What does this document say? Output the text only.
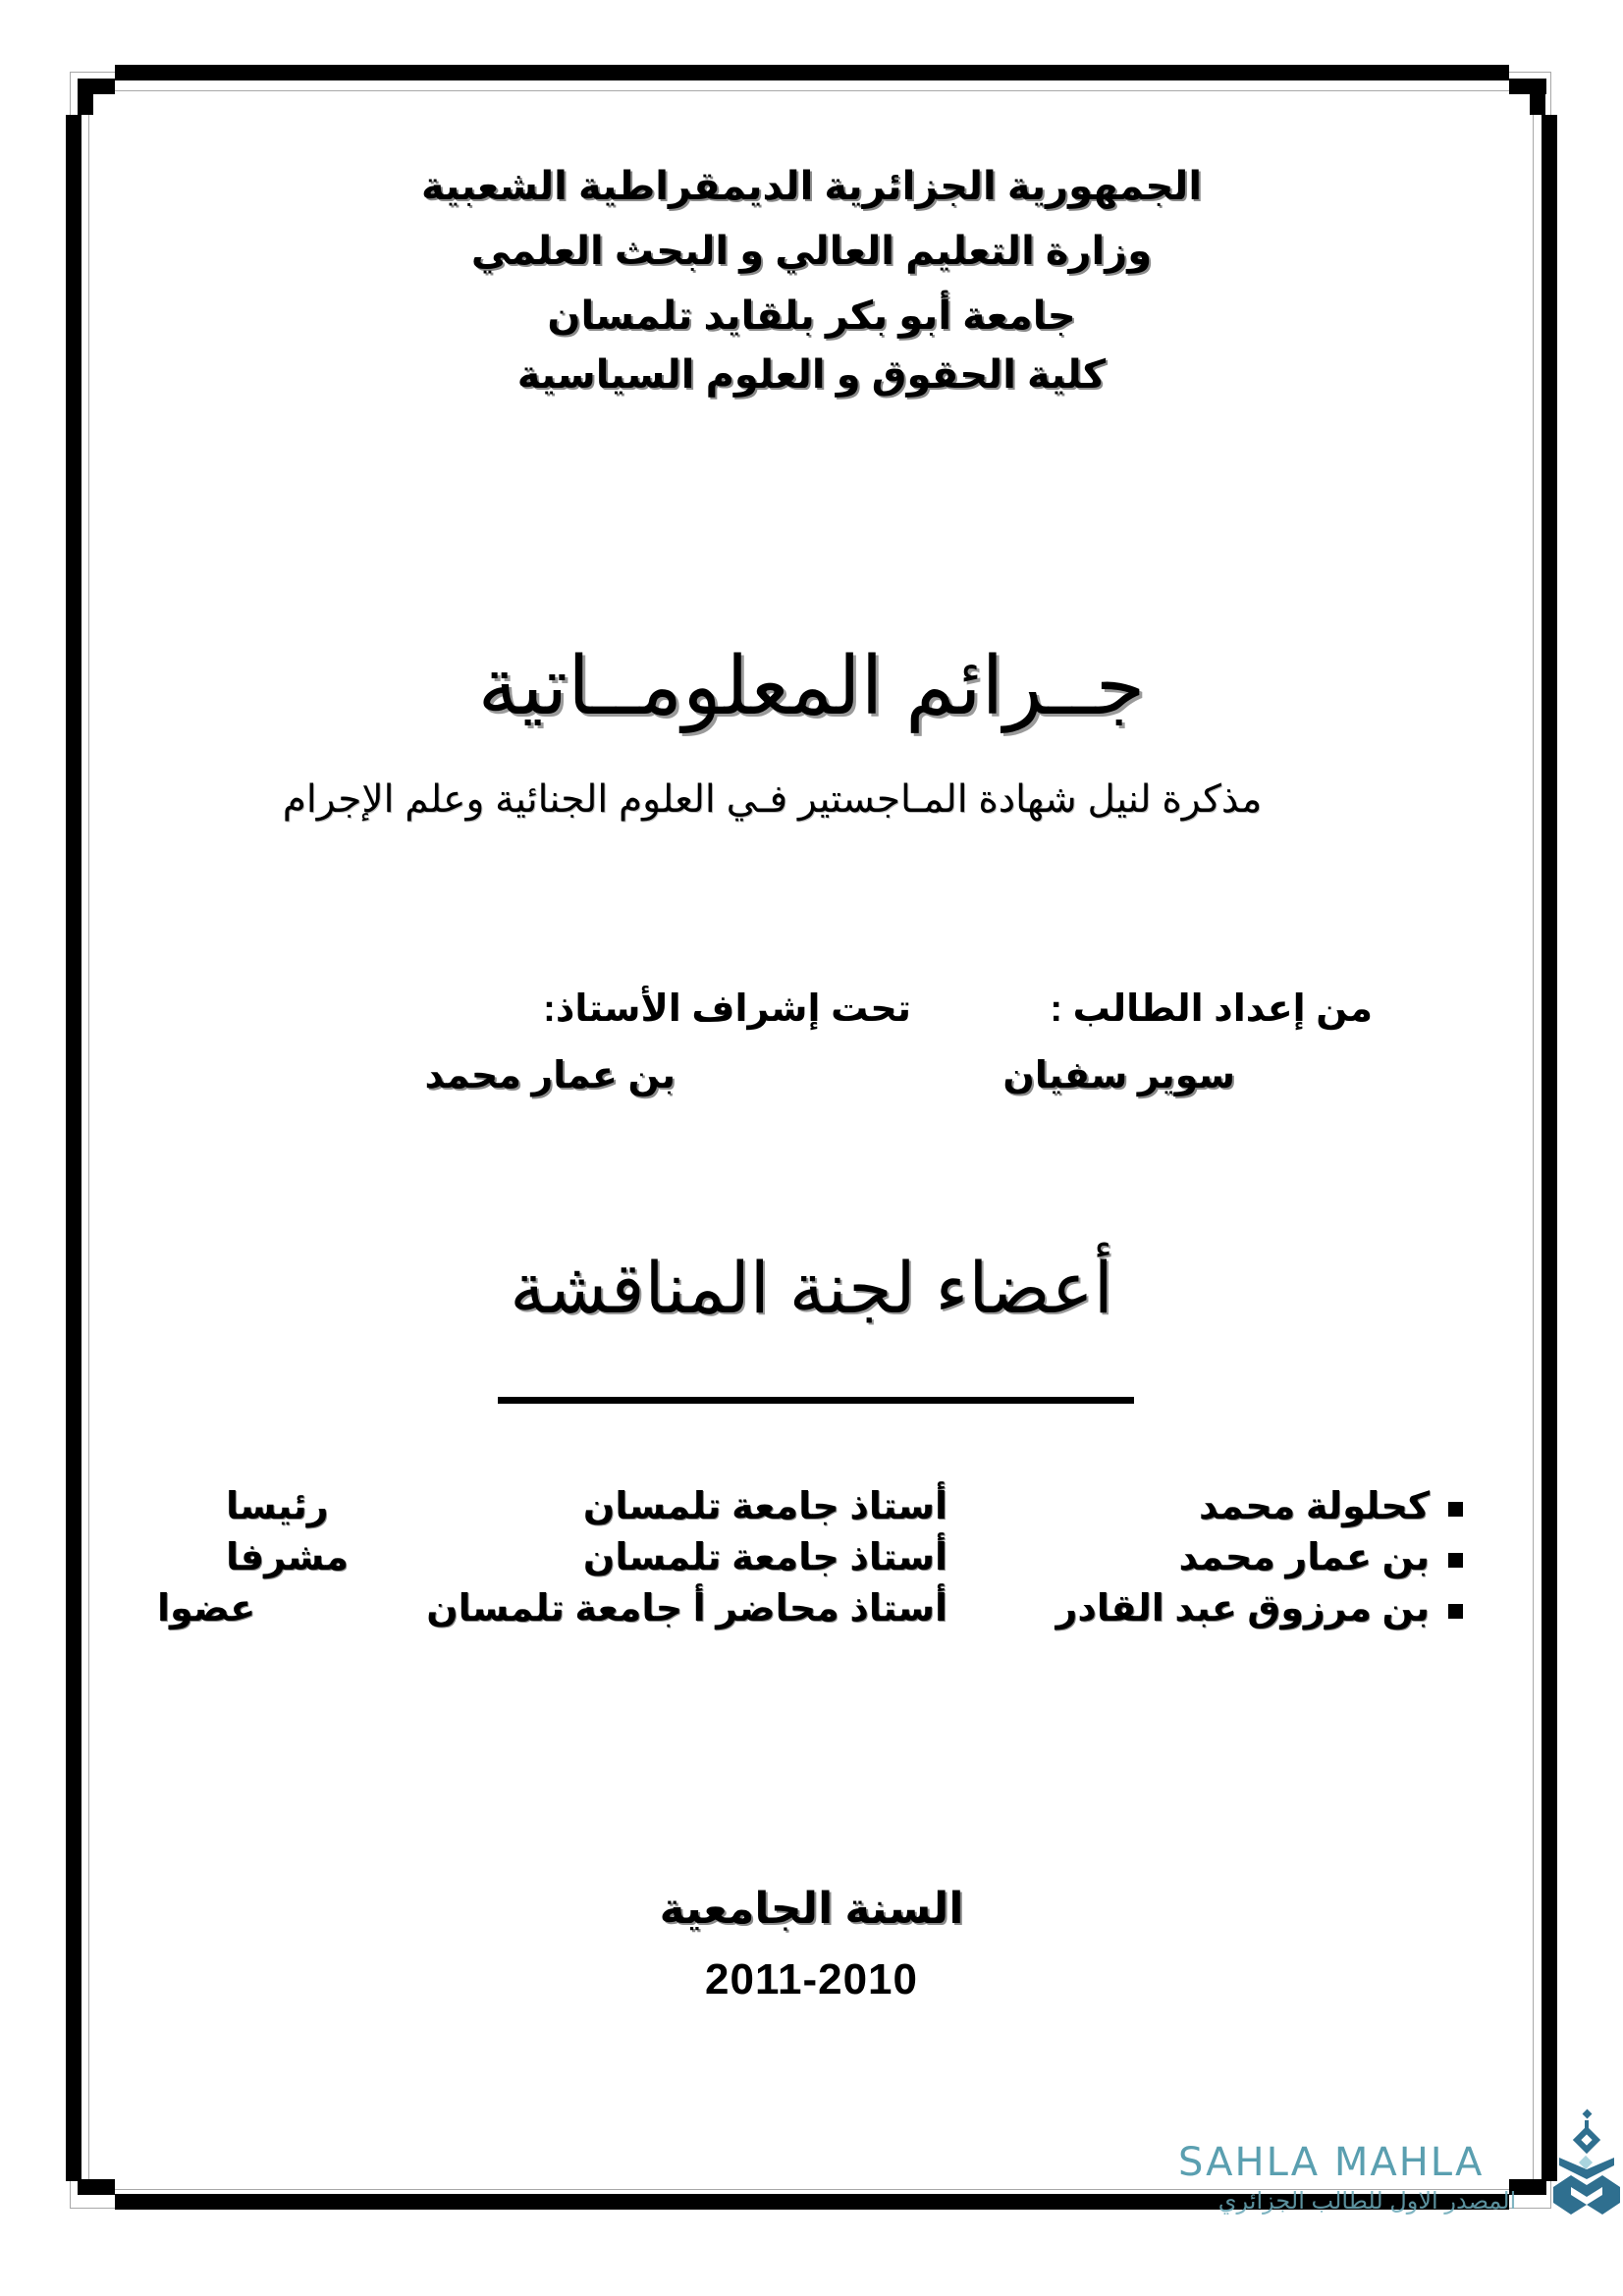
الجمهورية الجزائرية الديمقراطية الشعبية
وزارة التعليم العالي و البحث العلمي
جامعة أبو بكر بلقايد تلمسان
كلية الحقوق و العلوم السياسية
جــرائم المعلومــاتية
مذكرة لنيل شهادة المـاجستير فـي العلوم الجنائية وعلم الإجرام
من إعداد الطالب :
تحت إشراف الأستاذ:
سوير سفيان
بن عمار محمد
أعضاء لجنة المناقشة
كحلولة محمد
أستاذ جامعة تلمسان
رئيسا
بن عمار محمد
أستاذ جامعة تلمسان
مشرفا
بن مرزوق عبد القادر
أستاذ محاضر أ جامعة تلمسان
عضوا
السنة الجامعية
2011-2010
SAHLA MAHLA
المصدر الاول للطالب الجزائري
